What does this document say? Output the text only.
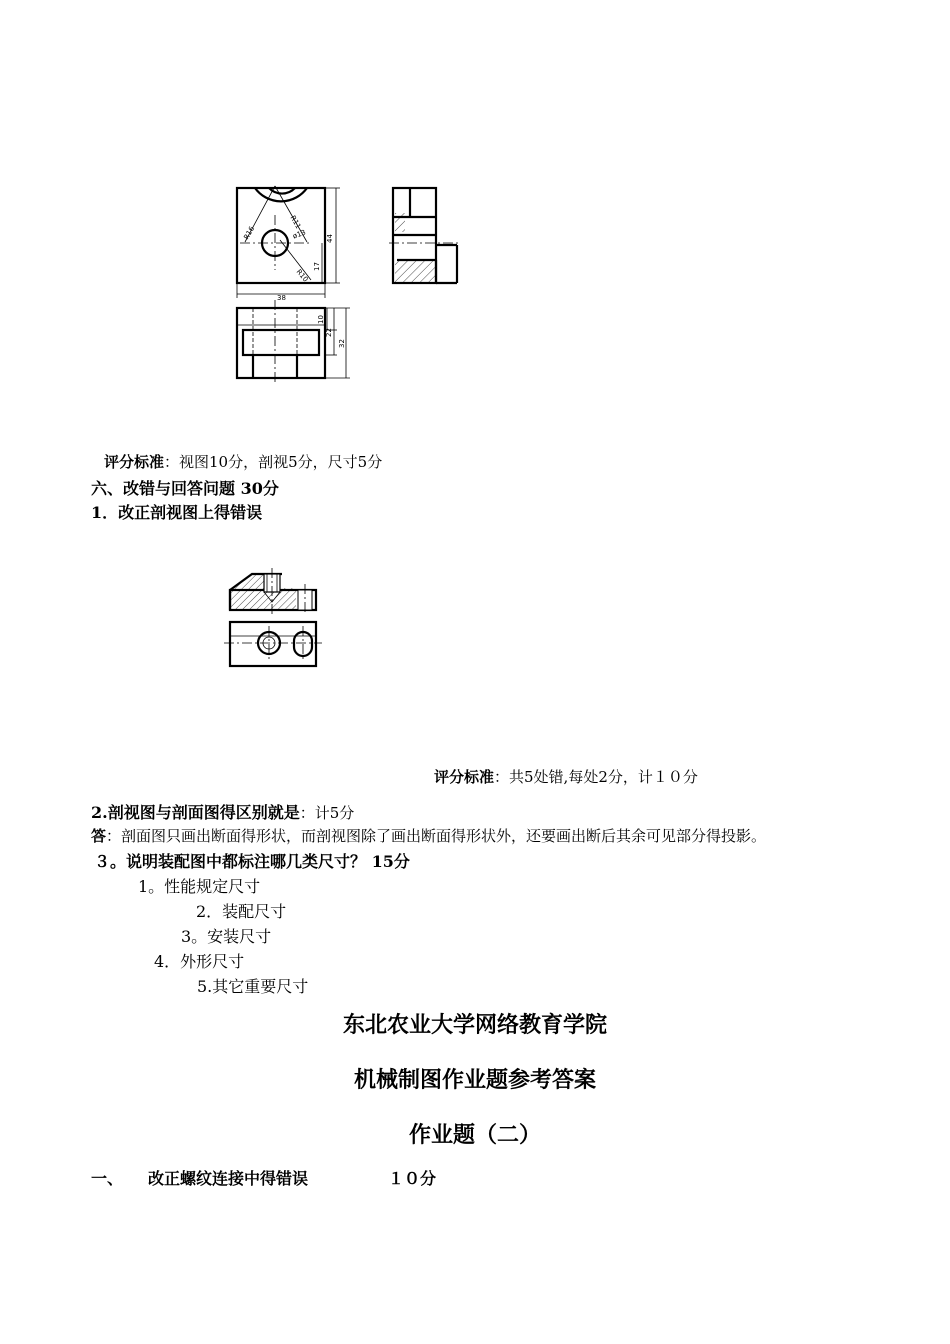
38
44
17
R16
R11
ø13
R10
10
22
32
评分标准：视图10分，剖视5分，尺寸5分
六、改错与回答问题 30分
1．改正剖视图上得错误
评分标准：共5处错,每处2分，计１０分
2.剖视图与剖面图得区别就是：计5分
答：剖面图只画出断面得形状，而剖视图除了画出断面得形状外，还要画出断后其余可见部分得投影。
３。说明装配图中都标注哪几类尺寸？ 15分
1。性能规定尺寸
2．装配尺寸
3。安装尺寸
4．外形尺寸
5.其它重要尺寸
东北农业大学网络教育学院
机械制图作业题参考答案
作业题（二）
一、 改正螺纹连接中得错误	１０分
